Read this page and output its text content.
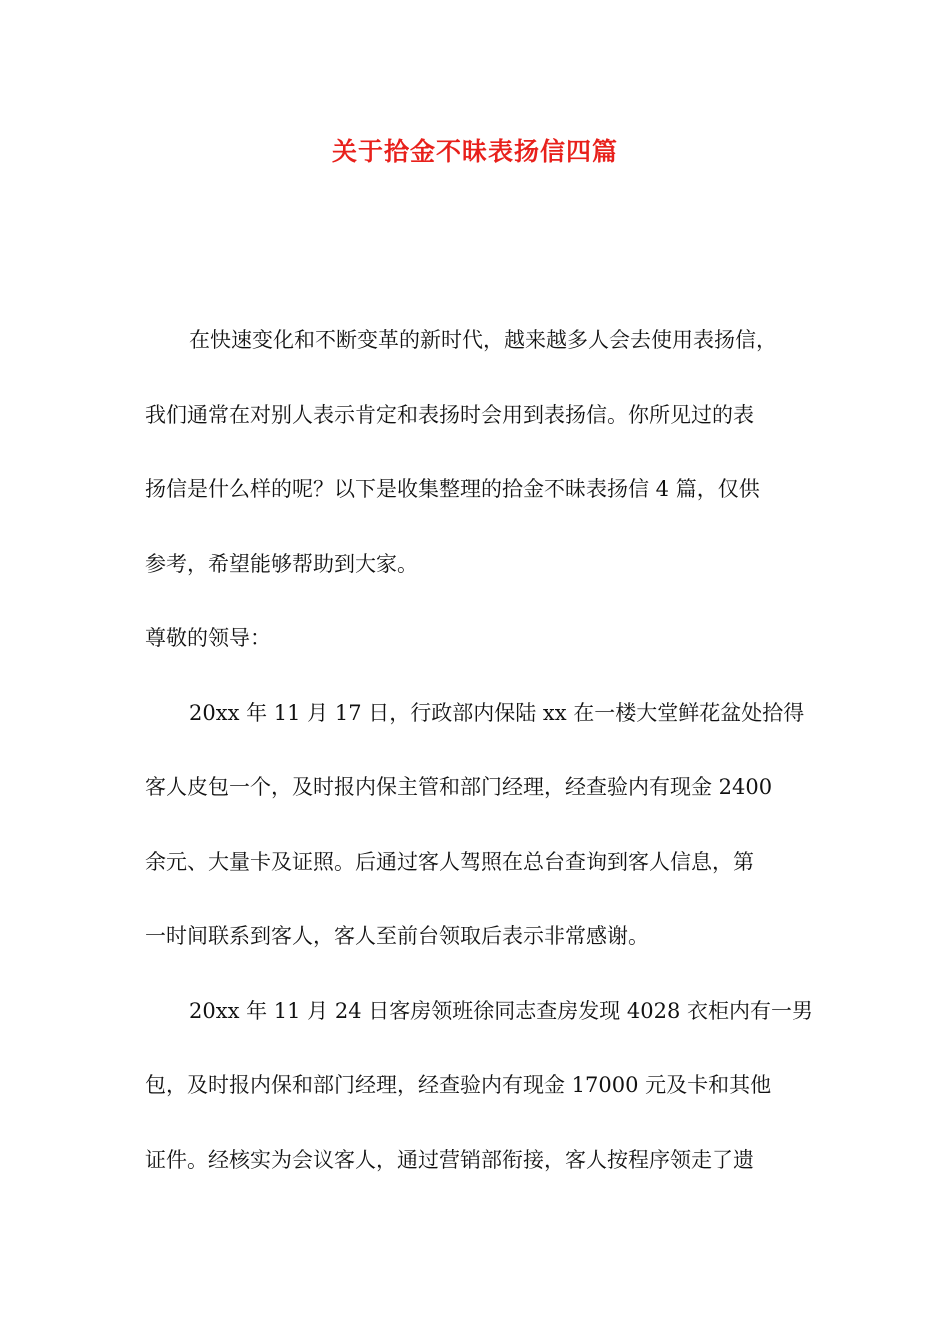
关于拾金不昧表扬信四篇
在快速变化和不断变革的新时代，越来越多人会去使用表扬信，
我们通常在对别人表示肯定和表扬时会用到表扬信。你所见过的表
扬信是什么样的呢？以下是收集整理的拾金不昧表扬信 4 篇，仅供
参考，希望能够帮助到大家。
尊敬的领导：
20xx 年 11 月 17 日，行政部内保陆 xx 在一楼大堂鲜花盆处拾得
客人皮包一个，及时报内保主管和部门经理，经查验内有现金 2400
余元、大量卡及证照。后通过客人驾照在总台查询到客人信息，第
一时间联系到客人，客人至前台领取后表示非常感谢。
20xx 年 11 月 24 日客房领班徐同志查房发现 4028 衣柜内有一男
包，及时报内保和部门经理，经查验内有现金 17000 元及卡和其他
证件。经核实为会议客人，通过营销部衔接，客人按程序领走了遗
